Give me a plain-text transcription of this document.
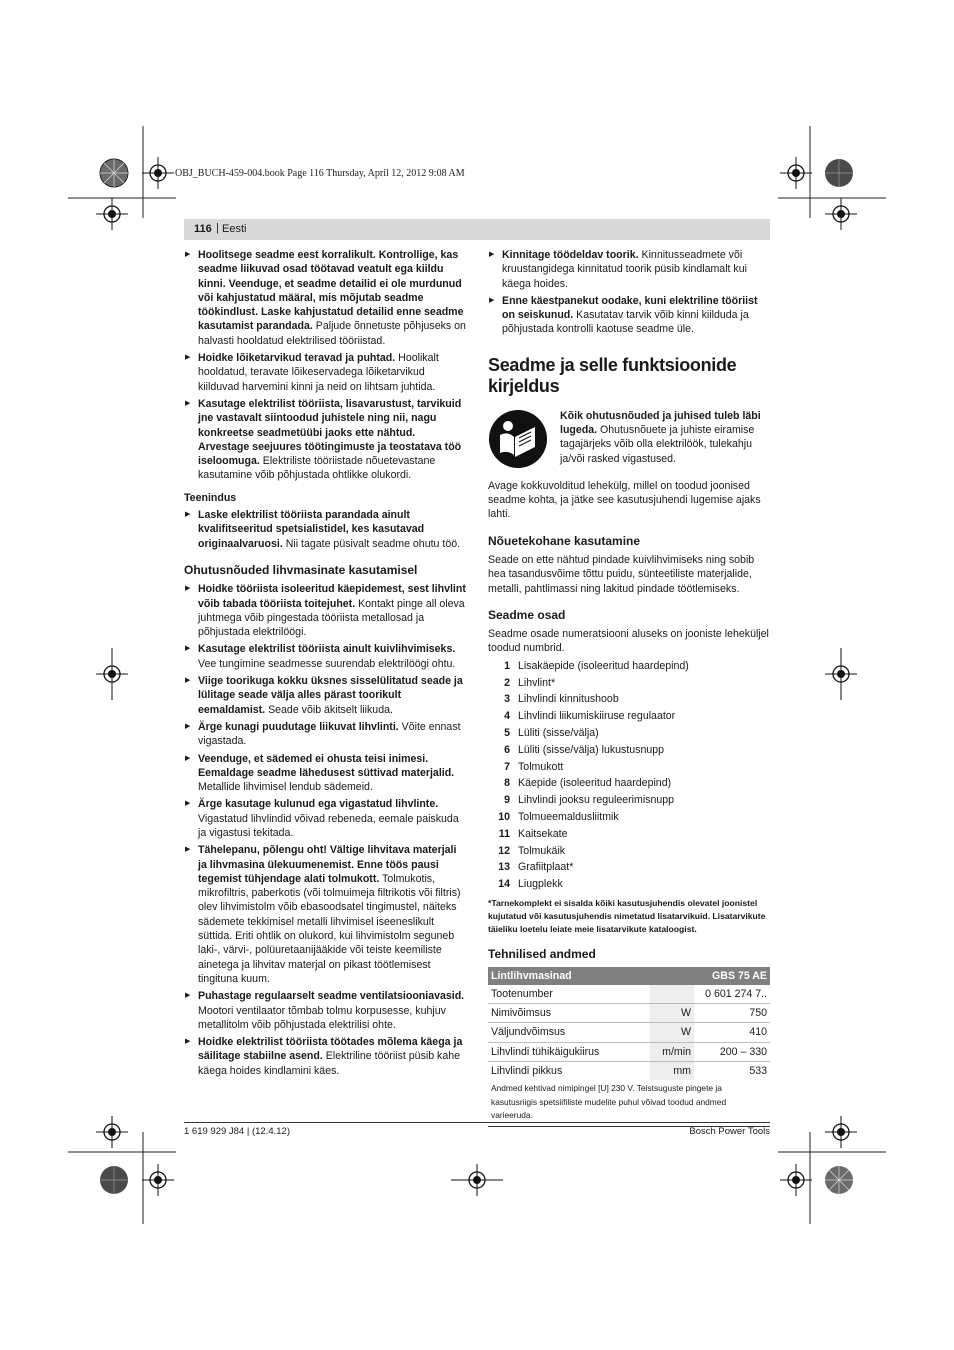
OBJ_BUCH-459-004.book Page 116 Thursday, April 12, 2012 9:08 AM
116 | Eesti
▶ Hoolitsege seadme eest korralikult. Kontrollige, kas seadme liikuvad osad töötavad veatult ega kiildu kinni. Veenduge, et seadme detailid ei ole murdunud või kahjustatud määral, mis mõjutab seadme töökindlust. Laske kahjustatud detailid enne seadme kasutamist parandada. Paljude õnnetuste põhjuseks on halvasti hooldatud elektrilised tööriistad.
▶ Hoidke lõiketarvikud teravad ja puhtad. Hoolikalt hooldatud, teravate lõikeservadega lõiketarvikud kiilduvad harvemini kinni ja neid on lihtsam juhtida.
▶ Kasutage elektrilist tööriista, lisavarustust, tarvikuid jne vastavalt siintoodud juhistele ning nii, nagu konkreetse seadmetüübi jaoks ette nähtud. Arvestage seejuures töötingimuste ja teostatava töö iseloomuga. Elektriliste tööriistade nõuetevastane kasutamine võib põhjustada ohtlikke olukordi.
Teenindus
▶ Laske elektrilist tööriista parandada ainult kvalifitseeritud spetsialistidel, kes kasutavad originaalvaruosi. Nii tagate püsivalt seadme ohutu töö.
Ohutusnõuded lihvmasinate kasutamisel
▶ Hoidke tööriista isoleeritud käepidemest, sest lihvlint võib tabada tööriista toitejuhet. Kontakt pinge all oleva juhtmega võib pingestada tööriista metallosad ja põhjustada elektrilöögi.
▶ Kasutage elektrilist tööriista ainult kuivlihvimiseks. Vee tungimine seadmesse suurendab elektrilöögi ohtu.
▶ Viige toorikuga kokku üksnes sisselülitatud seade ja lülitage seade välja alles pärast toorikult eemaldamist. Seade võib äkitselt liikuda.
▶ Ärge kunagi puudutage liikuvat lihvlinti. Võite ennast vigastada.
▶ Veenduge, et sädemed ei ohusta teisi inimesi. Eemaldage seadme lähedusest süttivad materjalid. Metallide lihvimisel lendub sädemeid.
▶ Ärge kasutage kulunud ega vigastatud lihvlinte. Vigastatud lihvlindid võivad rebeneda, eemale paiskuda ja vigastusi tekitada.
▶ Tähelepanu, põlengu oht! Vältige lihvitava materjali ja lihvmasina ülekuumenemist. Enne töös pausi tegemist tühjendage alati tolmukott. Tolmukotis, mikrofiltris, paberkotis (või tolmuimeja filtrikotis või filtris) olev lihvimistolm võib ebasoodsatel tingimustel, näiteks sädemete tekkimisel metalli lihvimisel iseeneslikult süttida. Eriti ohtlik on olukord, kui lihvimistolm seguneb laki-, värvi-, polüuretaanijääkide või teiste keemiliste ainetega ja lihvitav materjal on pikast töötlemisest tingituna kuum.
▶ Puhastage regulaarselt seadme ventilatsiooniavasid. Mootori ventilaator tõmbab tolmu korpusesse, kuhjuv metallitolm võib põhjustada elektrilisi ohte.
▶ Hoidke elektrilist tööriista töötades mõlema käega ja säilitage stabiilne asend. Elektriline tööriist püsib kahe käega hoides kindlamini käes.
▶ Kinnitage töödeldav toorik. Kinnitusseadmete või kruustangidega kinnitatud toorik püsib kindlamalt kui käega hoides.
▶ Enne käestpanekut oodake, kuni elektriline tööriist on seiskunud. Kasutatav tarvik võib kinni kiilduda ja põhjustada kontrolli kaotuse seadme üle.
Seadme ja selle funktsioonide kirjeldus
Kõik ohutusnõuded ja juhised tuleb läbi lugeda. Ohutusnõuete ja juhiste eiramise tagajärjeks võib olla elektrilöök, tulekahju ja/või rasked vigastused.
Avage kokkuvolditud lehekülg, millel on toodud joonised seadme kohta, ja jätke see kasutusjuhendi lugemise ajaks lahti.
Nõuetekohane kasutamine
Seade on ette nähtud pindade kuivlihvimiseks ning sobib hea tasandusvõime tõttu puidu, sünteetiliste materjalide, metalli, pahtlimassi ning lakitud pindade töötlemiseks.
Seadme osad
Seadme osade numeratsiooni aluseks on jooniste leheküljel toodud numbrid.
1 Lisakäepide (isoleeritud haardepind)
2 Lihvlint*
3 Lihvlindi kinnitushoob
4 Lihvlindi liikumiskiiruse regulaator
5 Lüliti (sisse/välja)
6 Lüliti (sisse/välja) lukustusnupp
7 Tolmukott
8 Käepide (isoleeritud haardepind)
9 Lihvlindi jooksu reguleerimisnupp
10 Tolmueemaldusliitmik
11 Kaitsekate
12 Tolmukäik
13 Grafiitplaat*
14 Liugplekk
*Tarnekomplekt ei sisalda kõiki kasutusjuhendis olevatel joonistel kujutatud või kasutusjuhendis nimetatud lisatarvikuid. Lisatarvikute täieliku loetelu leiate meie lisatarvikute kataloogist.
Tehnilised andmed
Lintlihvmasinad		GBS 75 AE
Tootenumber		0 601 274 7..
Nimivõimsus	W	750
Väljundvõimsus	W	410
Lihvlindi tühikäigukiirus	m/min	200 – 330
Lihvlindi pikkus	mm	533
Andmed kehtivad nimipingel [U] 230 V. Teistsuguste pingete ja kasutusriigis spetsiifiliste mudelite puhul võivad toodud andmed varieeruda.
1 619 929 J84 | (12.4.12)	Bosch Power Tools
